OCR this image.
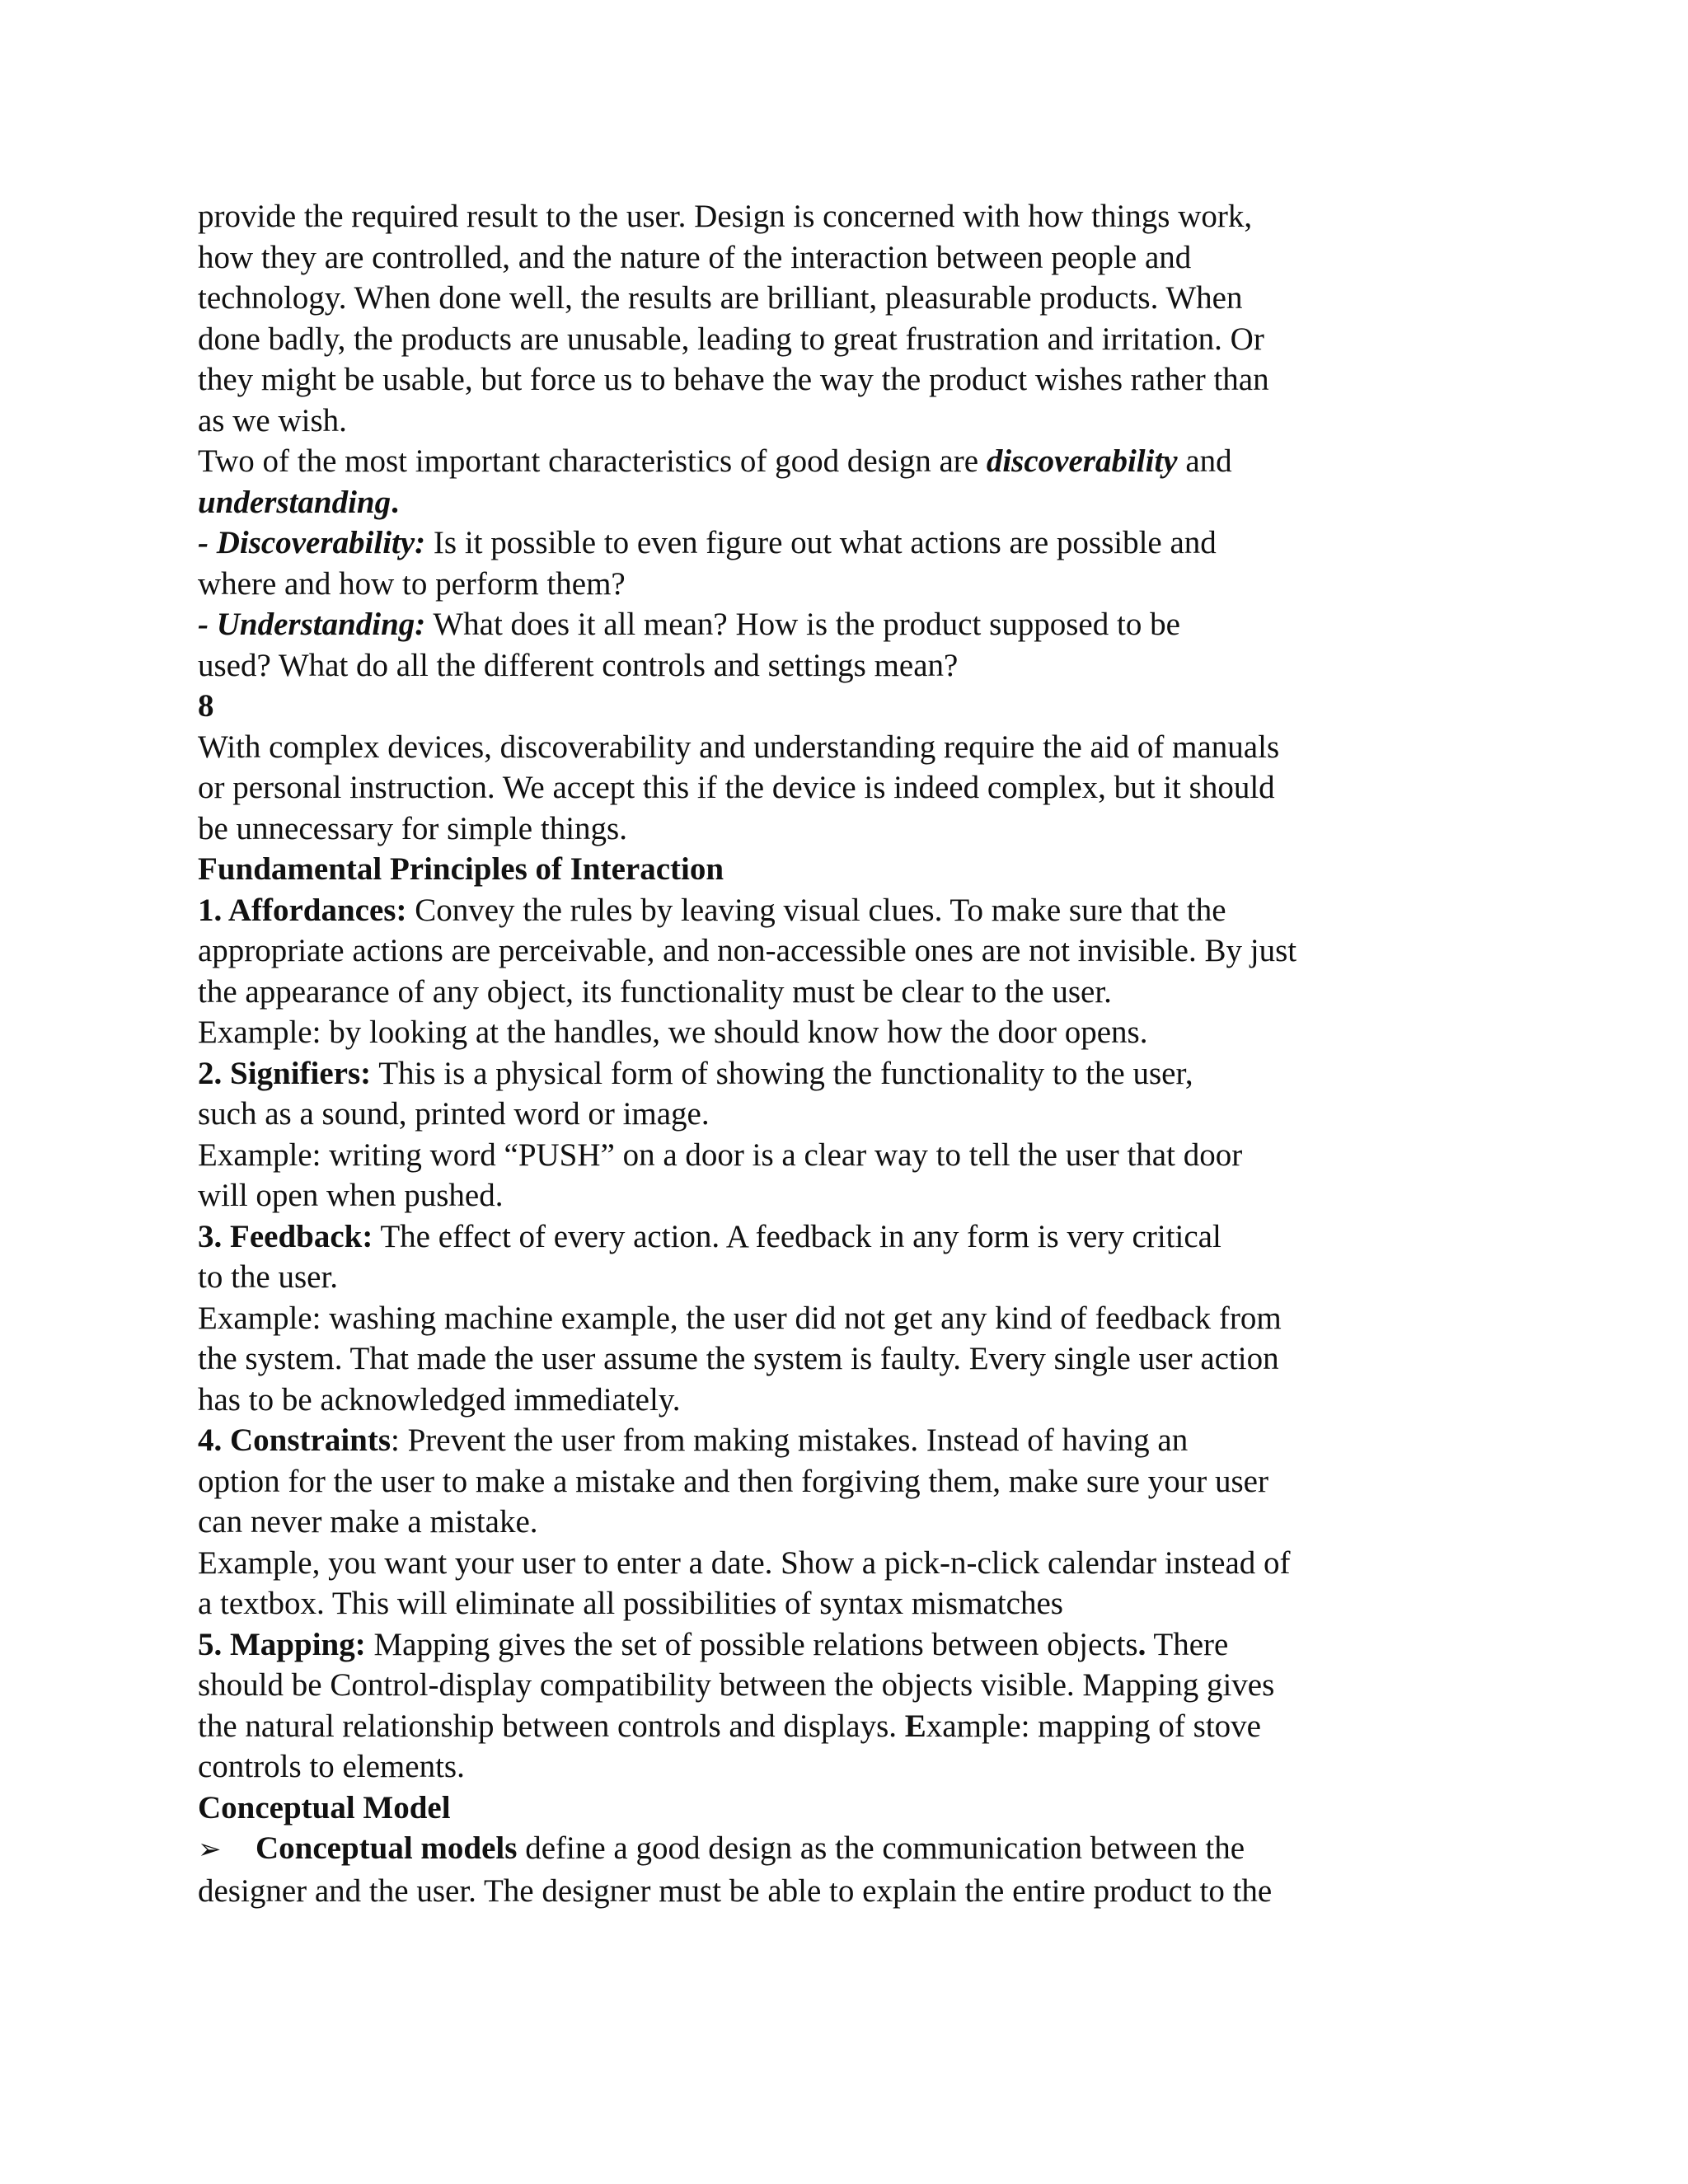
provide the required result to the user. Design is concerned with how things work,
how they are controlled, and the nature of the interaction between people and
technology. When done well, the results are brilliant, pleasurable products. When
done badly, the products are unusable, leading to great frustration and irritation. Or
they might be usable, but force us to behave the way the product wishes rather than
as we wish.
Two of the most important characteristics of good design are discoverability and
understanding.
- Discoverability: Is it possible to even figure out what actions are possible and
where and how to perform them?
- Understanding: What does it all mean? How is the product supposed to be
used? What do all the different controls and settings mean?
8
With complex devices, discoverability and understanding require the aid of manuals
or personal instruction. We accept this if the device is indeed complex, but it should
be unnecessary for simple things.
Fundamental Principles of Interaction
1. Affordances: Convey the rules by leaving visual clues. To make sure that the
appropriate actions are perceivable, and non-accessible ones are not invisible. By just
the appearance of any object, its functionality must be clear to the user.
Example: by looking at the handles, we should know how the door opens.
2. Signifiers: This is a physical form of showing the functionality to the user,
such as a sound, printed word or image.
Example: writing word “PUSH” on a door is a clear way to tell the user that door
will open when pushed.
3. Feedback: The effect of every action. A feedback in any form is very critical
to the user.
Example: washing machine example, the user did not get any kind of feedback from
the system. That made the user assume the system is faulty. Every single user action
has to be acknowledged immediately.
4. Constraints: Prevent the user from making mistakes. Instead of having an
option for the user to make a mistake and then forgiving them, make sure your user
can never make a mistake.
Example, you want your user to enter a date. Show a pick-n-click calendar instead of
a textbox. This will eliminate all possibilities of syntax mismatches
5. Mapping: Mapping gives the set of possible relations between objects. There
should be Control-display compatibility between the objects visible. Mapping gives
the natural relationship between controls and displays. Example: mapping of stove
controls to elements.
Conceptual Model
➢ Conceptual models define a good design as the communication between the
designer and the user. The designer must be able to explain the entire product to the
